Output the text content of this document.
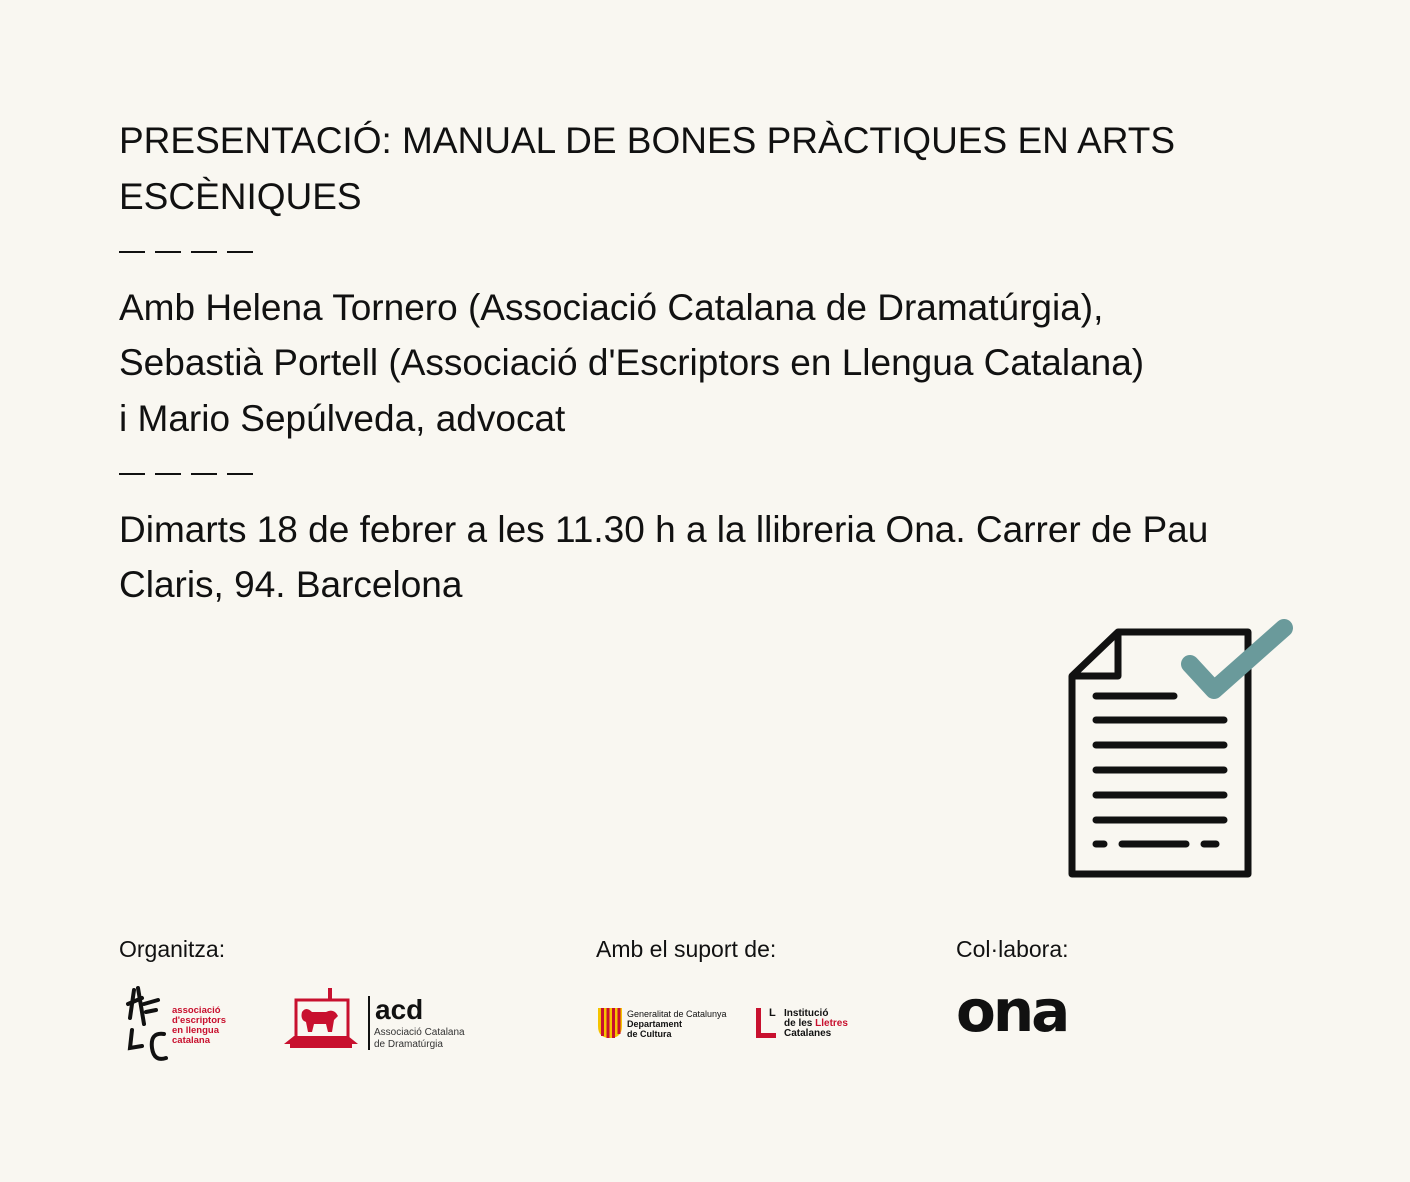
PRESENTACIÓ: MANUAL DE BONES PRÀCTIQUES EN ARTS
ESCÈNIQUES

Amb Helena Tornero (Associació Catalana de Dramatúrgia),
Sebastià Portell (Associació d'Escriptors en Llengua Catalana)
i Mario Sepúlveda, advocat

Dimarts 18 de febrer a les 11.30 h a la llibreria Ona. Carrer de Pau
Claris, 94. Barcelona

Organitza:	Amb el suport de:	Col·labora:
associació
d'escriptors
en llengua
catalana
acd
Associació Catalana
de Dramatúrgia
Generalitat de Catalunya
Departament
de Cultura
L Institució
de les Lletres
Catalanes ona
